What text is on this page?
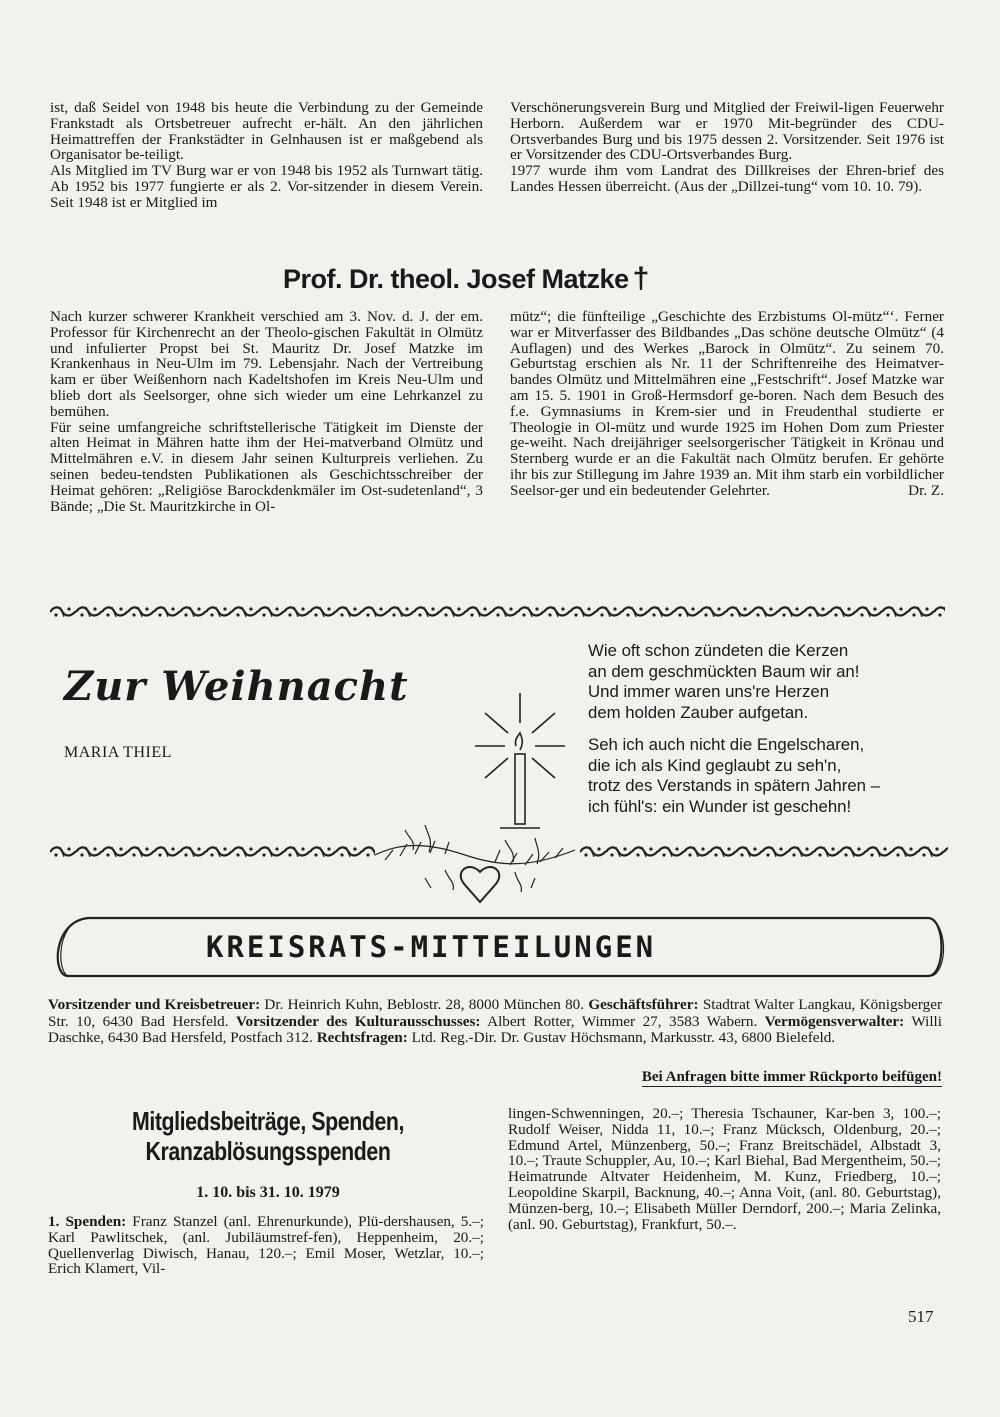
ist, daß Seidel von 1948 bis heute die Verbindung zu der Gemeinde Frankstadt als Ortsbetreuer aufrecht er-hält. An den jährlichen Heimattreffen der Frankstädter in Gelnhausen ist er maßgebend als Organisator be-teiligt.

Als Mitglied im TV Burg war er von 1948 bis 1952 als Turnwart tätig. Ab 1952 bis 1977 fungierte er als 2. Vor-sitzender in diesem Verein. Seit 1948 ist er Mitglied im

Verschönerungsverein Burg und Mitglied der Freiwil-ligen Feuerwehr Herborn. Außerdem war er 1970 Mit-begründer des CDU-Ortsverbandes Burg und bis 1975 dessen 2. Vorsitzender. Seit 1976 ist er Vorsitzender des CDU-Ortsverbandes Burg.

1977 wurde ihm vom Landrat des Dillkreises der Ehren-brief des Landes Hessen überreicht. (Aus der „Dillzei-tung“ vom 10. 10. 79).

Prof. Dr. theol. Josef Matzke †

Nach kurzer schwerer Krankheit verschied am 3. Nov. d. J. der em. Professor für Kirchenrecht an der Theolo-gischen Fakultät in Olmütz und infulierter Propst bei St. Mauritz Dr. Josef Matzke im Krankenhaus in Neu-Ulm im 79. Lebensjahr. Nach der Vertreibung kam er über Weißenhorn nach Kadeltshofen im Kreis Neu-Ulm und blieb dort als Seelsorger, ohne sich wieder um eine Lehrkanzel zu bemühen.

Für seine umfangreiche schriftstellerische Tätigkeit im Dienste der alten Heimat in Mähren hatte ihm der Hei-matverband Olmütz und Mittelmähren e.V. in diesem Jahr seinen Kulturpreis verliehen. Zu seinen bedeu-tendsten Publikationen als Geschichtsschreiber der Heimat gehören: „Religiöse Barockdenkmäler im Ost-sudetenland“, 3 Bände; „Die St. Mauritzkirche in Ol-

mütz“; die fünfteilige „Geschichte des Erzbistums Ol-mütz“‘. Ferner war er Mitverfasser des Bildbandes „Das schöne deutsche Olmütz“ (4 Auflagen) und des Werkes „Barock in Olmütz“. Zu seinem 70. Geburtstag erschien als Nr. 11 der Schriftenreihe des Heimatver-bandes Olmütz und Mittelmähren eine „Festschrift“. Josef Matzke war am 15. 5. 1901 in Groß-Hermsdorf ge-boren. Nach dem Besuch des f.e. Gymnasiums in Krem-sier und in Freudenthal studierte er Theologie in Ol-mütz und wurde 1925 im Hohen Dom zum Priester ge-weiht. Nach dreijähriger seelsorgerischer Tätigkeit in Krönau und Sternberg wurde er an die Fakultät nach Olmütz berufen. Er gehörte ihr bis zur Stillegung im Jahre 1939 an. Mit ihm starb ein vorbildlicher Seelsor-ger und ein bedeutender Gelehrter.	Dr. Z.

Zur Weihnacht
MARIA THIEL

Wie oft schon zündeten die Kerzen
an dem geschmückten Baum wir an!
Und immer waren uns're Herzen
dem holden Zauber aufgetan.

Seh ich auch nicht die Engelscharen,
die ich als Kind geglaubt zu seh'n,
trotz des Verstands in spätern Jahren –
ich fühl's: ein Wunder ist geschehn!

KREISRATS-MITTEILUNGEN
Vorsitzender und Kreisbetreuer: Dr. Heinrich Kuhn, Beblostr. 28, 8000 München 80. Geschäftsführer: Stadtrat Walter Langkau, Königsberger Str. 10, 6430 Bad Hersfeld. Vorsitzender des Kulturausschusses: Albert Rotter, Wimmer 27, 3583 Wabern. Vermögensverwalter: Willi Daschke, 6430 Bad Hersfeld, Postfach 312. Rechtsfragen: Ltd. Reg.-Dir. Dr. Gustav Höchsmann, Markusstr. 43, 6800 Bielefeld.
Bei Anfragen bitte immer Rückporto beifügen!
Mitgliedsbeiträge, Spenden,
Kranzablösungsspenden
1. 10. bis 31. 10. 1979
1. Spenden: Franz Stanzel (anl. Ehrenurkunde), Plü-dershausen, 5.–; Karl Pawlitschek, (anl. Jubiläumstref-fen), Heppenheim, 20.–; Quellenverlag Diwisch, Hanau, 120.–; Emil Moser, Wetzlar, 10.–; Erich Klamert, Vil-
lingen-Schwenningen, 20.–; Theresia Tschauner, Kar-ben 3, 100.–; Rudolf Weiser, Nidda 11, 10.–; Franz Mücksch, Oldenburg, 20.–; Edmund Artel, Münzenberg, 50.–; Franz Breitschädel, Albstadt 3, 10.–; Traute Schuppler, Au, 10.–; Karl Biehal, Bad Mergentheim, 50.–; Heimatrunde Altvater Heidenheim, M. Kunz, Friedberg, 10.–; Leopoldine Skarpil, Backnung, 40.–; Anna Voit, (anl. 80. Geburtstag), Münzen-berg, 10.–; Elisabeth Müller Derndorf, 200.–; Maria Zelinka, (anl. 90. Geburtstag), Frankfurt, 50.–.
517
